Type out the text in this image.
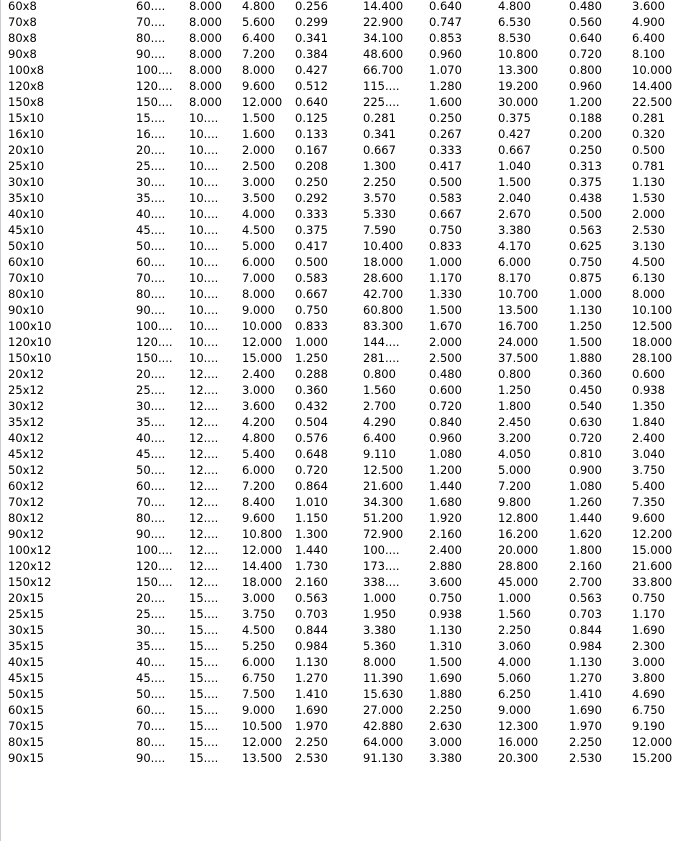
60x8	60....	8.000	4.800	0.256	14.400	0.640	4.800	0.480	3.600
70x8	70....	8.000	5.600	0.299	22.900	0.747	6.530	0.560	4.900
80x8	80....	8.000	6.400	0.341	34.100	0.853	8.530	0.640	6.400
90x8	90....	8.000	7.200	0.384	48.600	0.960	10.800	0.720	8.100
100x8	100....	8.000	8.000	0.427	66.700	1.070	13.300	0.800	10.000
120x8	120....	8.000	9.600	0.512	115....	1.280	19.200	0.960	14.400
150x8	150....	8.000	12.000	0.640	225....	1.600	30.000	1.200	22.500
15x10	15....	10....	1.500	0.125	0.281	0.250	0.375	0.188	0.281
16x10	16....	10....	1.600	0.133	0.341	0.267	0.427	0.200	0.320
20x10	20....	10....	2.000	0.167	0.667	0.333	0.667	0.250	0.500
25x10	25....	10....	2.500	0.208	1.300	0.417	1.040	0.313	0.781
30x10	30....	10....	3.000	0.250	2.250	0.500	1.500	0.375	1.130
35x10	35....	10....	3.500	0.292	3.570	0.583	2.040	0.438	1.530
40x10	40....	10....	4.000	0.333	5.330	0.667	2.670	0.500	2.000
45x10	45....	10....	4.500	0.375	7.590	0.750	3.380	0.563	2.530
50x10	50....	10....	5.000	0.417	10.400	0.833	4.170	0.625	3.130
60x10	60....	10....	6.000	0.500	18.000	1.000	6.000	0.750	4.500
70x10	70....	10....	7.000	0.583	28.600	1.170	8.170	0.875	6.130
80x10	80....	10....	8.000	0.667	42.700	1.330	10.700	1.000	8.000
90x10	90....	10....	9.000	0.750	60.800	1.500	13.500	1.130	10.100
100x10	100....	10....	10.000	0.833	83.300	1.670	16.700	1.250	12.500
120x10	120....	10....	12.000	1.000	144....	2.000	24.000	1.500	18.000
150x10	150....	10....	15.000	1.250	281....	2.500	37.500	1.880	28.100
20x12	20....	12....	2.400	0.288	0.800	0.480	0.800	0.360	0.600
25x12	25....	12....	3.000	0.360	1.560	0.600	1.250	0.450	0.938
30x12	30....	12....	3.600	0.432	2.700	0.720	1.800	0.540	1.350
35x12	35....	12....	4.200	0.504	4.290	0.840	2.450	0.630	1.840
40x12	40....	12....	4.800	0.576	6.400	0.960	3.200	0.720	2.400
45x12	45....	12....	5.400	0.648	9.110	1.080	4.050	0.810	3.040
50x12	50....	12....	6.000	0.720	12.500	1.200	5.000	0.900	3.750
60x12	60....	12....	7.200	0.864	21.600	1.440	7.200	1.080	5.400
70x12	70....	12....	8.400	1.010	34.300	1.680	9.800	1.260	7.350
80x12	80....	12....	9.600	1.150	51.200	1.920	12.800	1.440	9.600
90x12	90....	12....	10.800	1.300	72.900	2.160	16.200	1.620	12.200
100x12	100....	12....	12.000	1.440	100....	2.400	20.000	1.800	15.000
120x12	120....	12....	14.400	1.730	173....	2.880	28.800	2.160	21.600
150x12	150....	12....	18.000	2.160	338....	3.600	45.000	2.700	33.800
20x15	20....	15....	3.000	0.563	1.000	0.750	1.000	0.563	0.750
25x15	25....	15....	3.750	0.703	1.950	0.938	1.560	0.703	1.170
30x15	30....	15....	4.500	0.844	3.380	1.130	2.250	0.844	1.690
35x15	35....	15....	5.250	0.984	5.360	1.310	3.060	0.984	2.300
40x15	40....	15....	6.000	1.130	8.000	1.500	4.000	1.130	3.000
45x15	45....	15....	6.750	1.270	11.390	1.690	5.060	1.270	3.800
50x15	50....	15....	7.500	1.410	15.630	1.880	6.250	1.410	4.690
60x15	60....	15....	9.000	1.690	27.000	2.250	9.000	1.690	6.750
70x15	70....	15....	10.500	1.970	42.880	2.630	12.300	1.970	9.190
80x15	80....	15....	12.000	2.250	64.000	3.000	16.000	2.250	12.000
90x15	90....	15....	13.500	2.530	91.130	3.380	20.300	2.530	15.200
